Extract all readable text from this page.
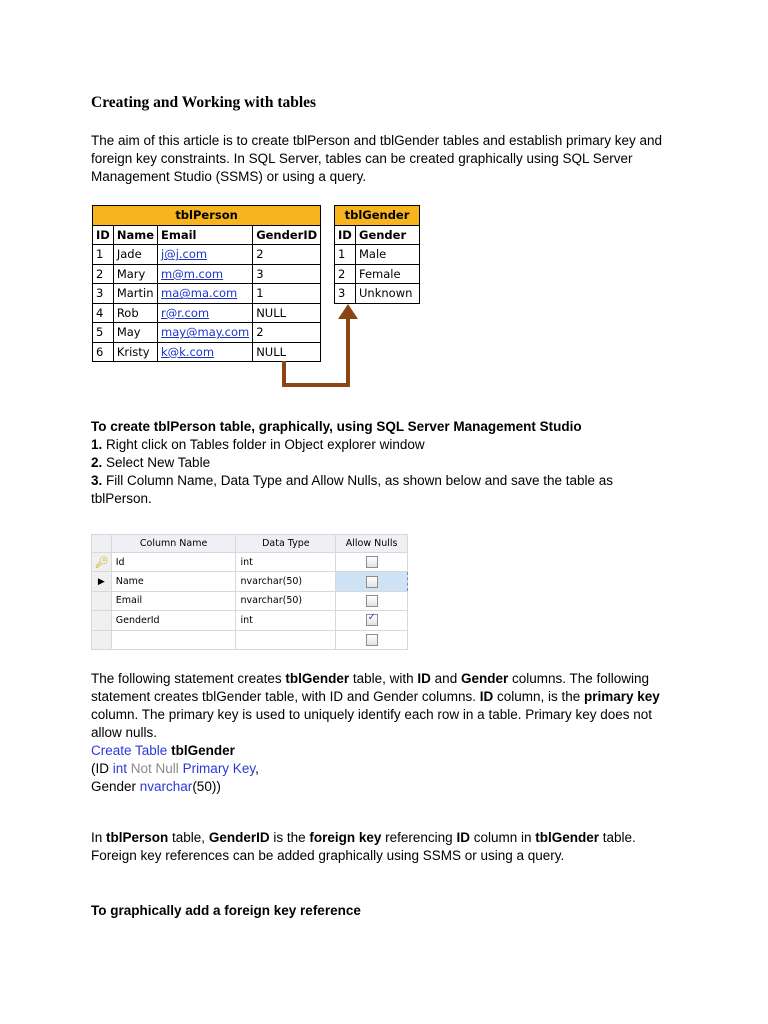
Creating and Working with tables

The aim of this article is to create tblPerson and tblGender tables and establish primary key and foreign key constraints. In SQL Server, tables can be created graphically using SQL Server Management Studio (SSMS) or using a query.

tblPerson			
ID	Name	Email	GenderID
1	Jade	j@j.com	2
2	Mary	m@m.com	3
3	Martin	ma@ma.com	1
4	Rob	r@r.com	NULL
5	May	may@may.com	2
6	Kristy	k@k.com	NULL
tblGender	
ID	Gender
1	Male
2	Female
3	Unknown

To create tblPerson table, graphically, using SQL Server Management Studio

1. Right click on Tables folder in Object explorer window

2. Select New Table

3. Fill Column Name, Data Type and Allow Nulls, as shown below and save the table as tblPerson.

	Column Name	Data Type	Allow Nulls
🔑︎	Id	int	
▶	Name	nvarchar(50)	
	Email	nvarchar(50)	
	GenderId	int	✓

The following statement creates tblGender table, with ID and Gender columns. The following statement creates tblGender table, with ID and Gender columns. ID column, is the primary key column. The primary key is used to uniquely identify each row in a table. Primary key does not allow nulls.

Create Table tblGender

(ID int Not Null Primary Key,

Gender nvarchar(50))

In tblPerson table, GenderID is the foreign key referencing ID column in tblGender table. Foreign key references can be added graphically using SSMS or using a query.

To graphically add a foreign key reference
